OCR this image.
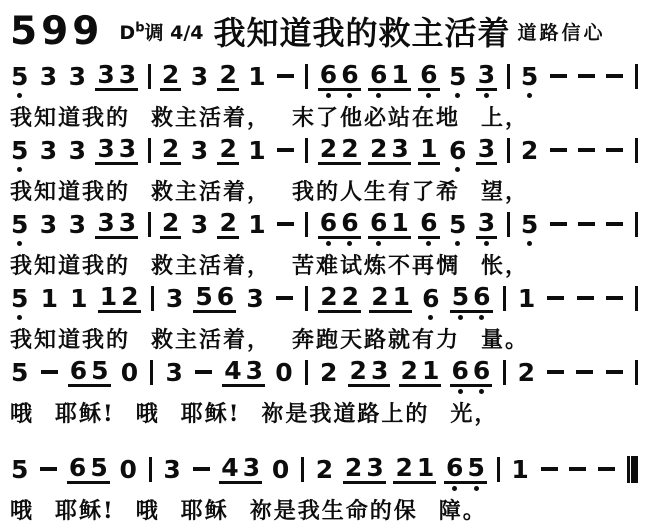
599 $D^b$调 4/4 我知道我的救主活着 道路信心
5 3 3 3 3 2 3 2 1 6 6 6 1 6 5 3 5
我知道我的 救主活着， 末了他必站在地 上，
5 3 3 3 3 2 3 2 1 2 2 2 3 1 6 3 2
我知道我的 救主活着， 我的人生有了希 望，
5 3 3 3 3 2 3 2 1 6 6 6 1 6 5 3 5
我知道我的 救主活着， 苦难试炼不再惆 怅，
5 1 1 1 2 3 5 6 3 2 2 2 1 6 5 6 1
我知道我的 救主活着， 奔跑天路就有力 量。
5 6 5 0 3 4 3 0 2 2 3 2 1 6 6 2
哦 耶稣! 哦 耶稣! 祢是我道路上的 光，
5 6 5 0 3 4 3 0 2 2 3 2 1 6 5 1
哦 耶稣! 哦 耶稣 祢是我生命的保 障。
